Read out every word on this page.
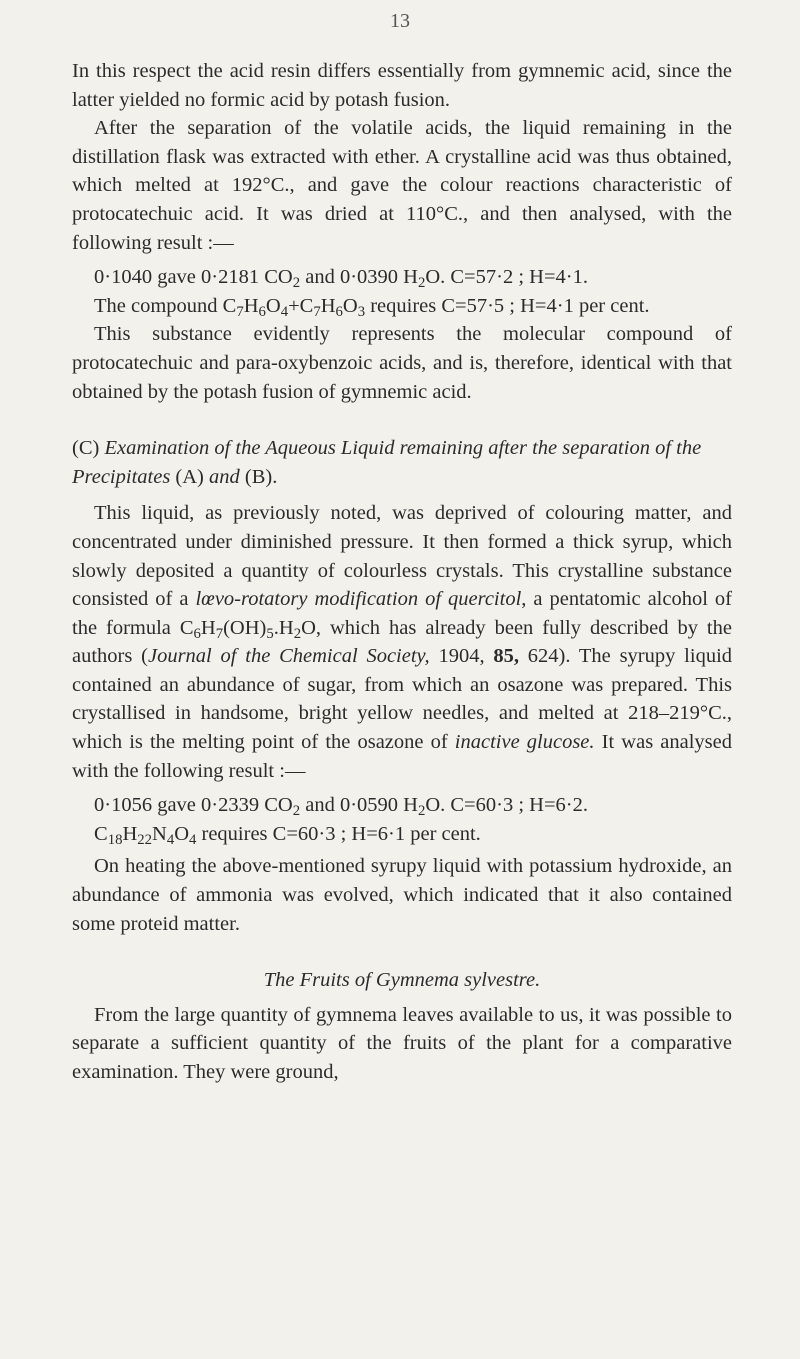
13

In this respect the acid resin differs essentially from gymnemic acid, since the latter yielded no formic acid by potash fusion.

After the separation of the volatile acids, the liquid remaining in the distillation flask was extracted with ether. A crystalline acid was thus obtained, which melted at 192°C., and gave the colour reactions characteristic of protocatechuic acid. It was dried at 110°C., and then analysed, with the following result :—

0·1040 gave 0·2181 $CO_2$ and 0·0390 $H_2O$. C=57·2 ; H=4·1.

The compound $C_7H_6O_4+C_7H_6O_3$ requires C=57·5 ; H=4·1 per cent.

This substance evidently represents the molecular compound of protocatechuic and para-oxybenzoic acids, and is, therefore, identical with that obtained by the potash fusion of gymnemic acid.

(C) Examination of the Aqueous Liquid remaining after the separation of the Precipitates (A) and (B).

This liquid, as previously noted, was deprived of colouring matter, and concentrated under diminished pressure. It then formed a thick syrup, which slowly deposited a quantity of colourless crystals. This crystalline substance consisted of a lœvo-rotatory modification of quercitol, a pentatomic alcohol of the formula $C_6H_7(OH)_5.H_2O$, which has already been fully described by the authors (Journal of the Chemical Society, 1904, 85, 624). The syrupy liquid contained an abundance of sugar, from which an osazone was prepared. This crystallised in handsome, bright yellow needles, and melted at 218–219°C., which is the melting point of the osazone of inactive glucose. It was analysed with the following result :—

0·1056 gave 0·2339 $CO_2$ and 0·0590 $H_2O$. C=60·3 ; H=6·2.

$C_{18}H_{22}N_4O_4$ requires C=60·3 ; H=6·1 per cent.

On heating the above-mentioned syrupy liquid with potassium hydroxide, an abundance of ammonia was evolved, which indicated that it also contained some proteid matter.

The Fruits of Gymnema sylvestre.

From the large quantity of gymnema leaves available to us, it was possible to separate a sufficient quantity of the fruits of the plant for a comparative examination. They were ground,
